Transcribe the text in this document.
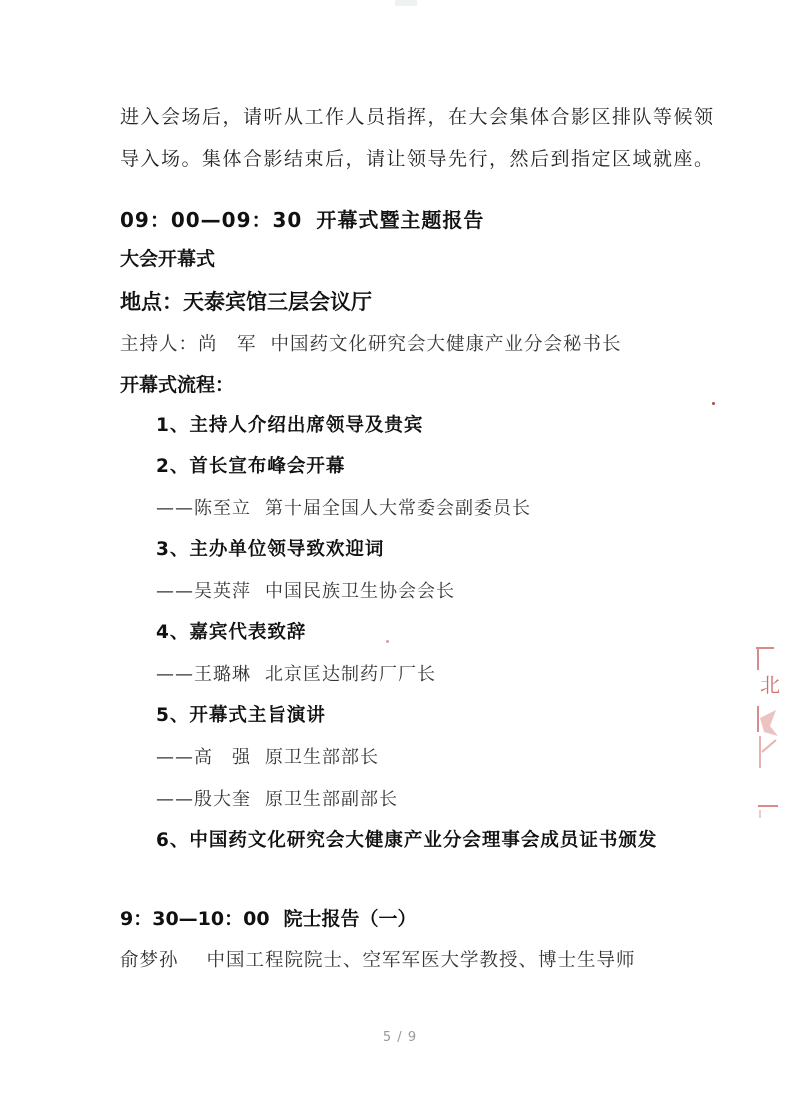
进入会场后，请听从工作人员指挥，在大会集体合影区排队等候领
导入场。集体合影结束后，请让领导先行，然后到指定区域就座。
09：00—09：30 开幕式暨主题报告
大会开幕式
地点：天泰宾馆三层会议厅
主持人：尚　军 中国药文化研究会大健康产业分会秘书长
开幕式流程：
1、主持人介绍出席领导及贵宾
2、首长宣布峰会开幕
——陈至立 第十届全国人大常委会副委员长
3、主办单位领导致欢迎词
——吴英萍 中国民族卫生协会会长
4、嘉宾代表致辞
——王璐琳 北京匡达制药厂厂长
5、开幕式主旨演讲
——高　强 原卫生部部长
——殷大奎 原卫生部副部长
6、中国药文化研究会大健康产业分会理事会成员证书颁发
9：30—10：00 院士报告（一）
俞梦孙 中国工程院院士、空军军医大学教授、博士生导师
5 / 9
北
